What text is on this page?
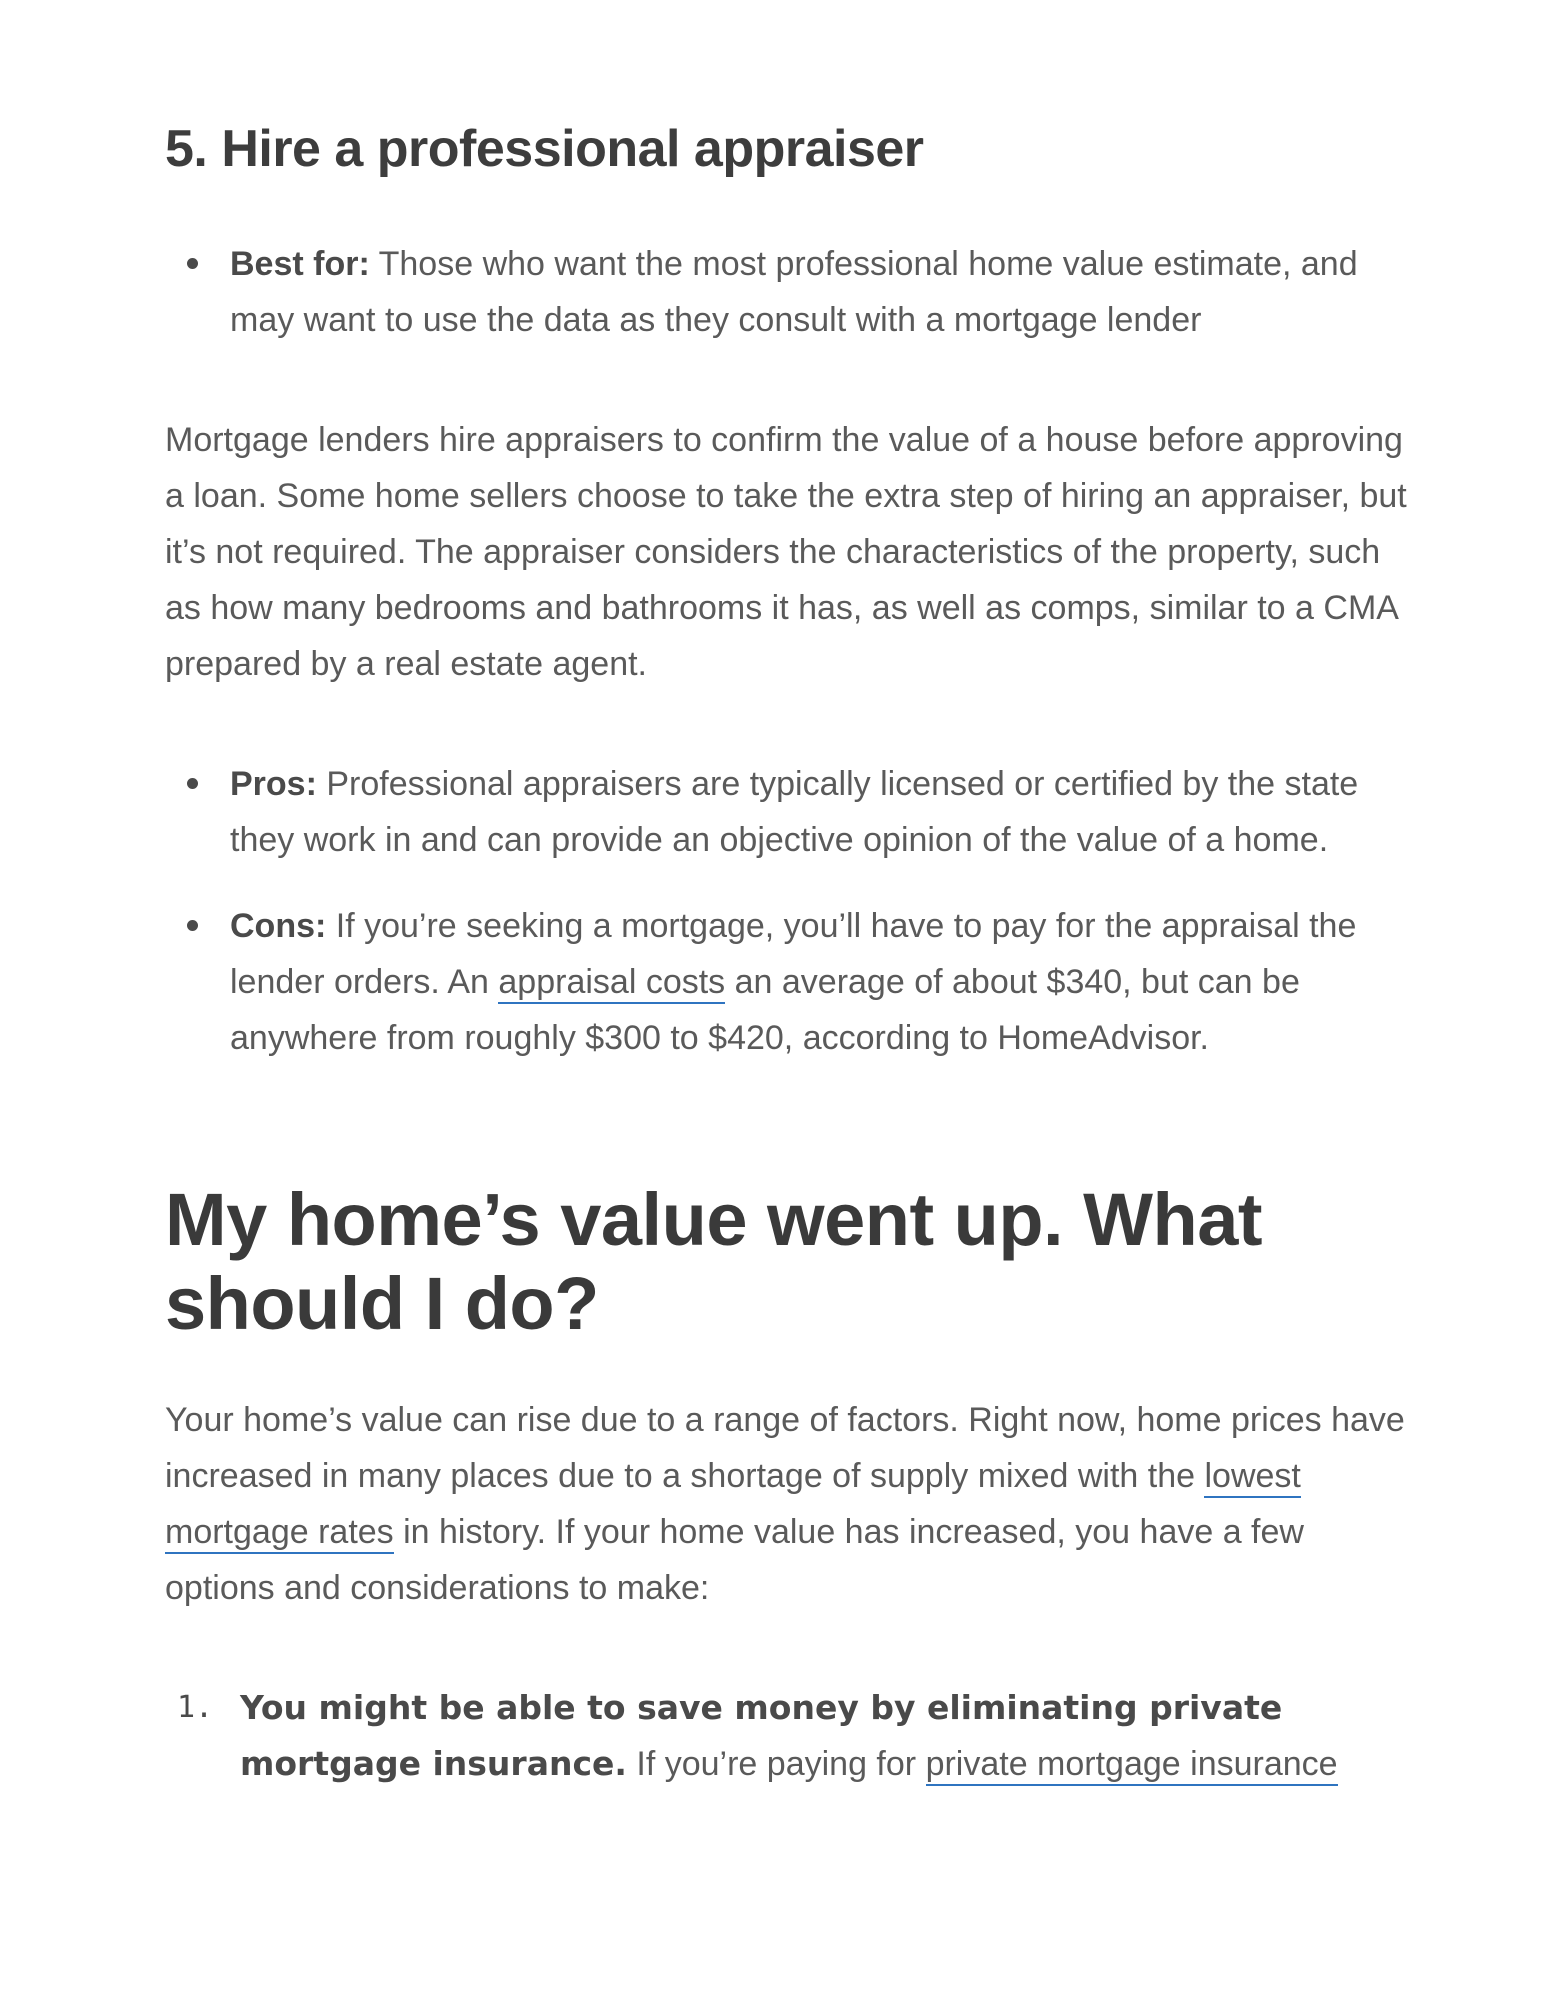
5. Hire a professional appraiser
Best for: Those who want the most professional home value estimate, and may want to use the data as they consult with a mortgage lender

Mortgage lenders hire appraisers to confirm the value of a house before approving a loan. Some home sellers choose to take the extra step of hiring an appraiser, but it’s not required. The appraiser considers the characteristics of the property, such as how many bedrooms and bathrooms it has, as well as comps, similar to a CMA prepared by a real estate agent.

Pros: Professional appraisers are typically licensed or certified by the state they work in and can provide an objective opinion of the value of a home.
Cons: If you’re seeking a mortgage, you’ll have to pay for the appraisal the lender orders. An appraisal costs an average of about $340, but can be anywhere from roughly $300 to $420, according to HomeAdvisor.
My home’s value went up. What should I do?

Your home’s value can rise due to a range of factors. Right now, home prices have increased in many places due to a shortage of supply mixed with the lowest mortgage rates in history. If your home value has increased, you have a few options and considerations to make:

1. You might be able to save money by eliminating private mortgage insurance. If you’re paying for private mortgage insurance
